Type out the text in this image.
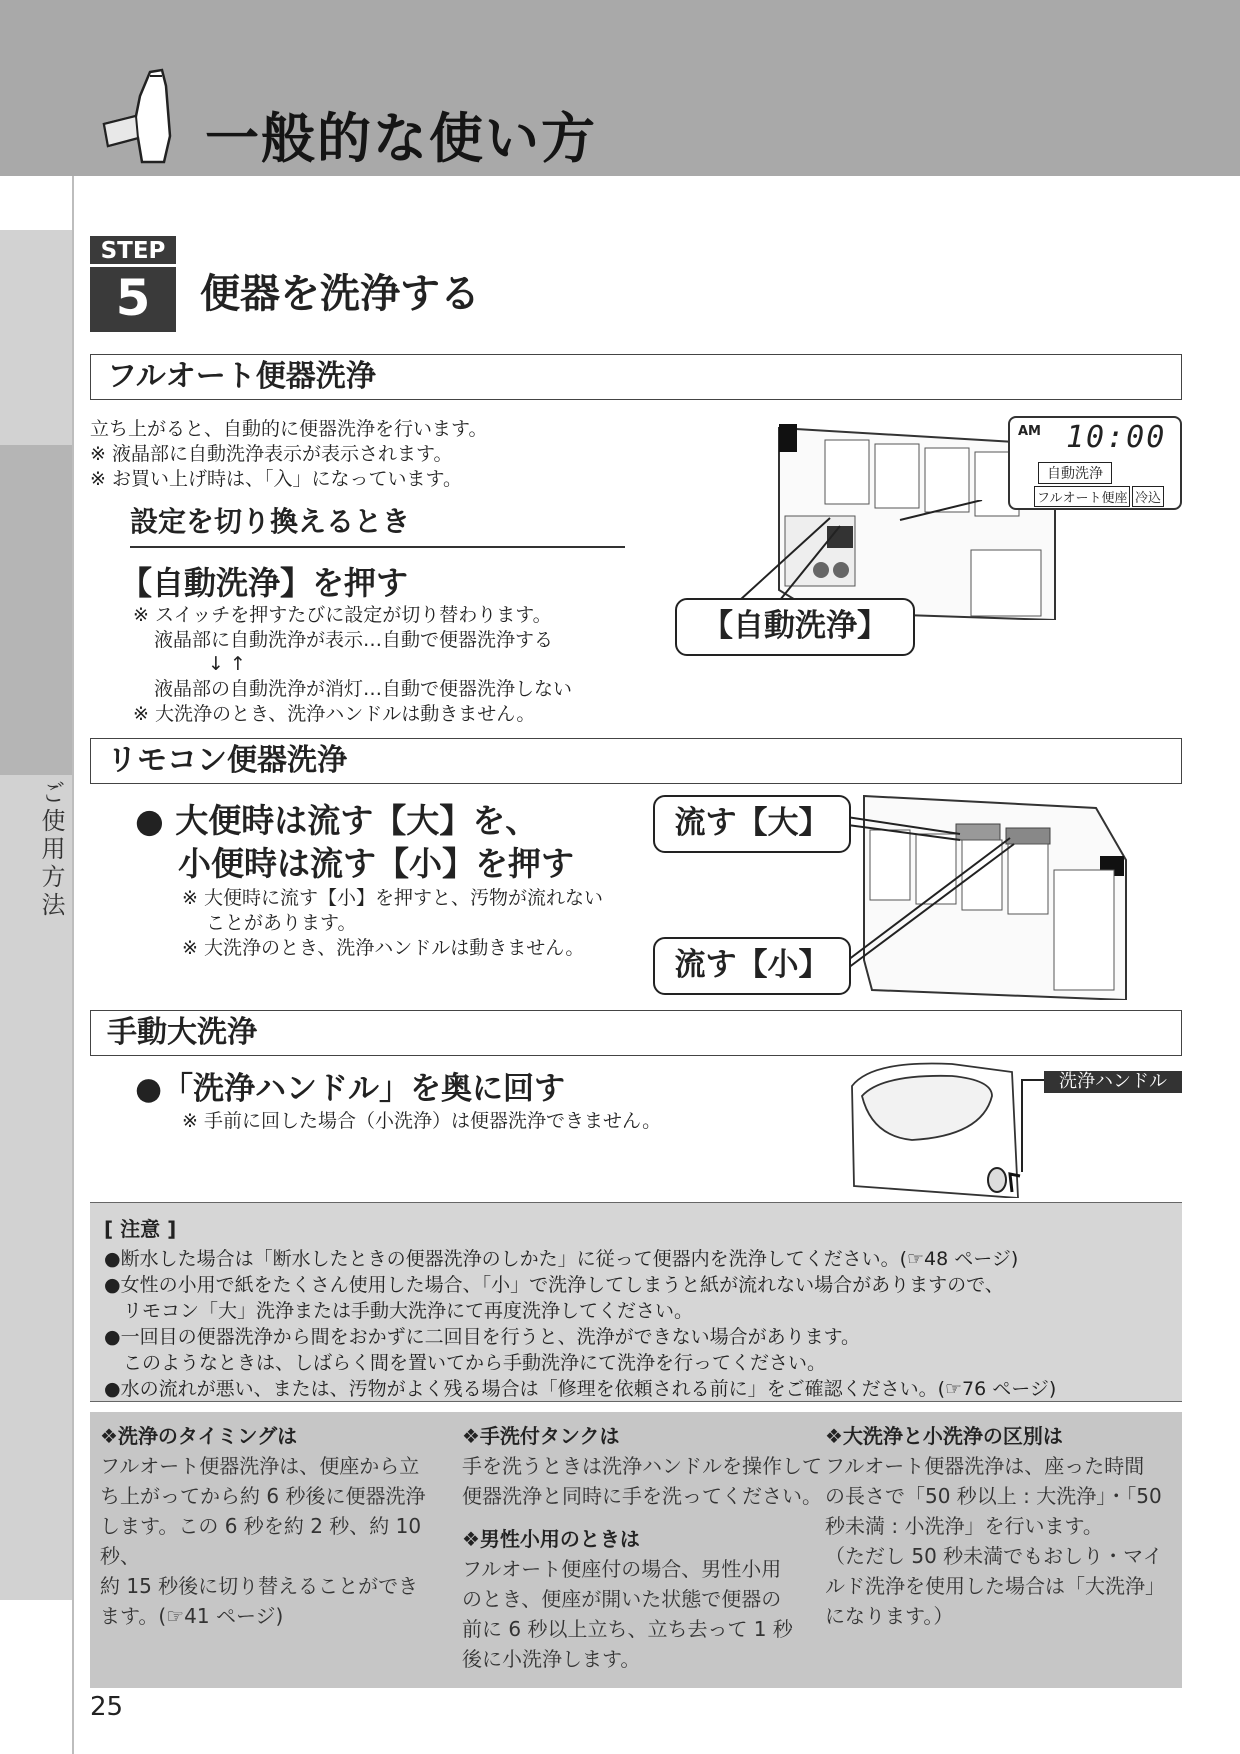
一般的な使い方
ご使用方法
STEP
5	便器を洗浄する
フルオート便器洗浄
立ち上がると、自動的に便器洗浄を行います。
※ 液晶部に自動洗浄表示が表示されます。
※ お買い上げ時は、「入」になっています。
設定を切り換えるとき
【自動洗浄】を押す
※ スイッチを押すたびに設定が切り替わります。
液晶部に自動洗浄が表示…自動で便器洗浄する
↓ ↑
液晶部の自動洗浄が消灯…自動で便器洗浄しない
※ 大洗浄のとき、洗浄ハンドルは動きません。
AM 10:00
自動洗浄
フルオート便座 冷込
【自動洗浄】
リモコン便器洗浄
● 大便時は流す【大】を、
小便時は流す【小】を押す
※ 大便時に流す【小】を押すと、汚物が流れない
ことがあります。
※ 大洗浄のとき、洗浄ハンドルは動きません。
流す【大】
流す【小】
手動大洗浄
●「洗浄ハンドル」を奥に回す
※ 手前に回した場合（小洗浄）は便器洗浄できません。
洗浄ハンドル
[ 注意 ]
●断水した場合は「断水したときの便器洗浄のしかた」に従って便器内を洗浄してください。(☞48 ページ)
●女性の小用で紙をたくさん使用した場合、「小」で洗浄してしまうと紙が流れない場合がありますので、
　リモコン「大」洗浄または手動大洗浄にて再度洗浄してください。
●一回目の便器洗浄から間をおかずに二回目を行うと、洗浄ができない場合があります。
　このようなときは、しばらく間を置いてから手動洗浄にて洗浄を行ってください。
●水の流れが悪い、または、汚物がよく残る場合は「修理を依頼される前に」をご確認ください。(☞76 ページ)
❖洗浄のタイミングは
フルオート便器洗浄は、便座から立
ち上がってから約 6 秒後に便器洗浄
します。この 6 秒を約 2 秒、約 10 秒、
約 15 秒後に切り替えることができ
ます。(☞41 ページ)
❖手洗付タンクは
手を洗うときは洗浄ハンドルを操作して
便器洗浄と同時に手を洗ってください。
❖男性小用のときは
フルオート便座付の場合、男性小用
のとき、便座が開いた状態で便器の
前に 6 秒以上立ち、立ち去って 1 秒
後に小洗浄します。
❖大洗浄と小洗浄の区別は
フルオート便器洗浄は、座った時間
の長さで「50 秒以上 : 大洗浄」・「50
秒未満 : 小洗浄」を行います。
（ただし 50 秒未満でもおしり・マイ
ルド洗浄を使用した場合は「大洗浄」
になります。）
25
